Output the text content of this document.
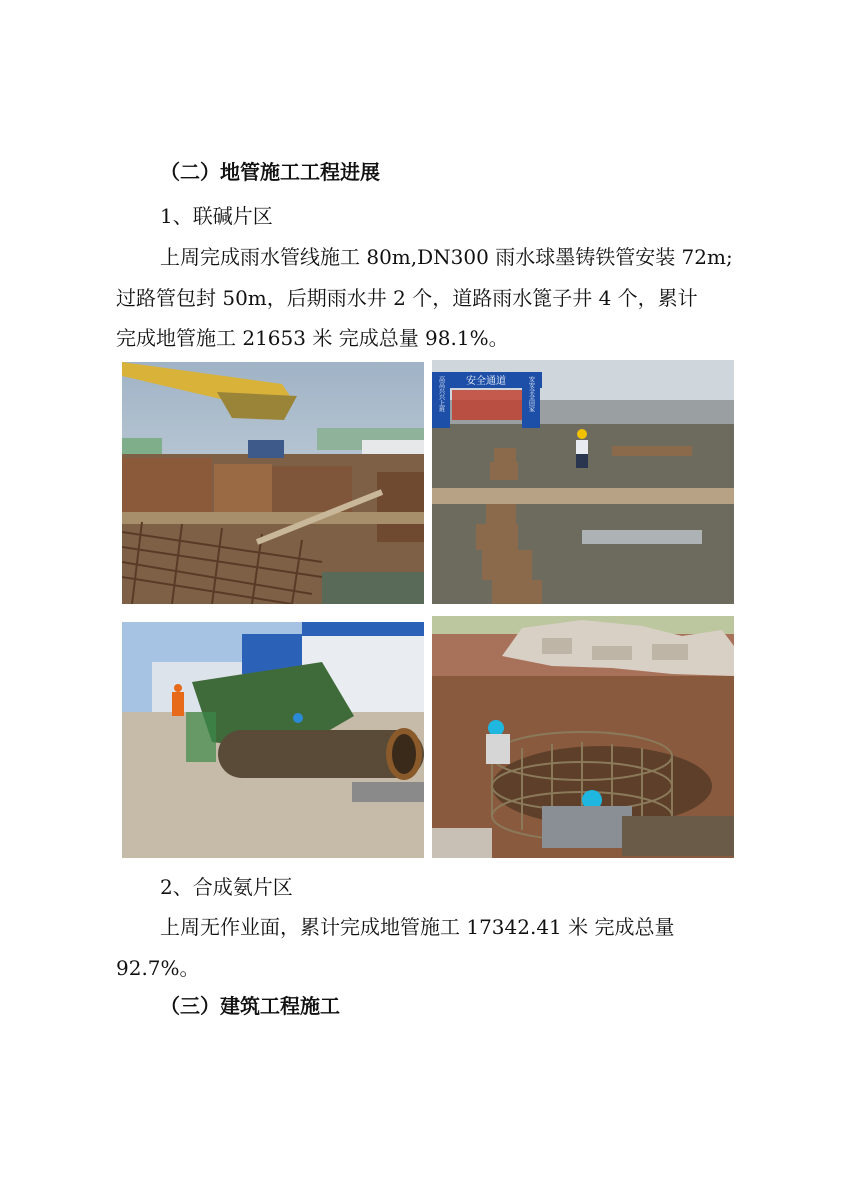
（二）地管施工工程进展
1、联碱片区
上周完成雨水管线施工 80m,DN300 雨水球墨铸铁管安装 72m;
过路管包封 50m，后期雨水井 2 个，道路雨水篦子井 4 个，累计
完成地管施工 21653 米 完成总量 98.1%。
安全通道
高高兴兴上班	安安全全回家
2、合成氨片区
上周无作业面，累计完成地管施工 17342.41 米 完成总量
92.7%。
（三）建筑工程施工
